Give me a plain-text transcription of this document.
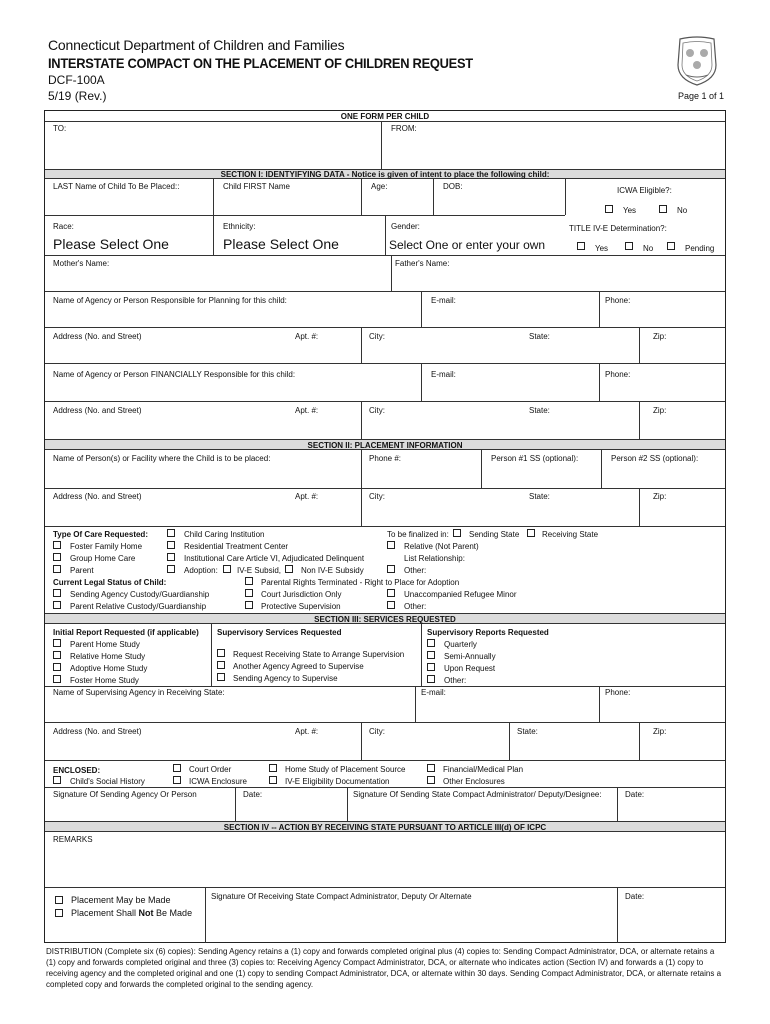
Connecticut Department of Children and Families
INTERSTATE COMPACT ON THE PLACEMENT OF CHILDREN REQUEST
DCF-100A
5/19 (Rev.)	Page 1 of 1
ONE FORM PER CHILD
TO:	FROM:
SECTION I: IDENTYIFYING DATA - Notice is given of intent to place the following child:
LAST Name of Child To Be Placed::	Child FIRST Name	Age:	DOB:	ICWA Eligible?:
Yes	No
Race:
Please Select One
Ethnicity:
Please Select One
Gender:
Select One or enter your own
TITLE IV-E Determination?:
Yes	No	Pending
Mother's Name:	Father's Name:
Name of Agency or Person Responsible for Planning for this child:	E-mail:	Phone:
Address (No. and Street)	Apt. #:	City:	State:	Zip:
Name of Agency or Person FINANCIALLY Responsible for this child:	E-mail:	Phone:
Address (No. and Street)	Apt. #:	City:	State:	Zip:
SECTION II: PLACEMENT INFORMATION
Name of Person(s) or Facility where the Child is to be placed:	Phone #:	Person #1 SS (optional):	Person #2 SS (optional):
Address (No. and Street)	Apt. #:	City:	State:	Zip:
Type Of Care Requested:
Foster Family Home
Group Home Care
Parent
Child Caring Institution
Residential Treatment Center
Institutional Care Article VI, Adjudicated Delinquent
Adoption: IV-E Subsid, Non IV-E Subsidy
To be finalized in:	Sending State	Receiving State
Relative (Not Parent)
List Relationship:
Other:
Current Legal Status of Child:
Sending Agency Custody/Guardianship
Parent Relative Custody/Guardianship
Parental Rights Terminated - Right to Place for Adoption
Court Jurisdiction Only
Protective Supervision
Unaccompanied Refugee Minor
Other:
SECTION III: SERVICES REQUESTED
Initial Report Requested (if applicable)
Parent Home Study
Relative Home Study
Adoptive Home Study
Foster Home Study
Supervisory Services Requested
Request Receiving State to Arrange Supervision
Another Agency Agreed to Supervise
Sending Agency to Supervise
Supervisory Reports Requested
Quarterly
Semi-Annually
Upon Request
Other:
Name of Supervising Agency in Receiving State:	E-mail:	Phone:
Address (No. and Street)	Apt. #:	City:	State:	Zip:
ENCLOSED:
Child's Social History
Court Order
ICWA Enclosure
Home Study of Placement Source
IV-E Eligibility Documentation
Financial/Medical Plan
Other Enclosures
Signature Of Sending Agency Or Person	Date:	Signature Of Sending State Compact Administrator/ Deputy/Designee:	Date:
SECTION IV -- ACTION BY RECEIVING STATE PURSUANT TO ARTICLE III(d) OF ICPC
REMARKS
Placement May be Made
Placement Shall Not Be Made
Signature Of Receiving State Compact Administrator, Deputy Or Alternate	Date:
DISTRIBUTION (Complete six (6) copies): Sending Agency retains a (1) copy and forwards completed original plus (4) copies to: Sending Compact Administrator, DCA, or alternate retains a (1) copy and forwards completed original and three (3) copies to: Receiving Agency Compact Administrator, DCA, or alternate who indicates action (Section IV) and forwards a (1) copy to receiving agency and the completed original and one (1) copy to sending Compact Administrator, DCA, or alternate within 30 days. Sending Compact Administrator, DCA, or alternate retains a completed copy and forwards the completed original to the sending agency.
